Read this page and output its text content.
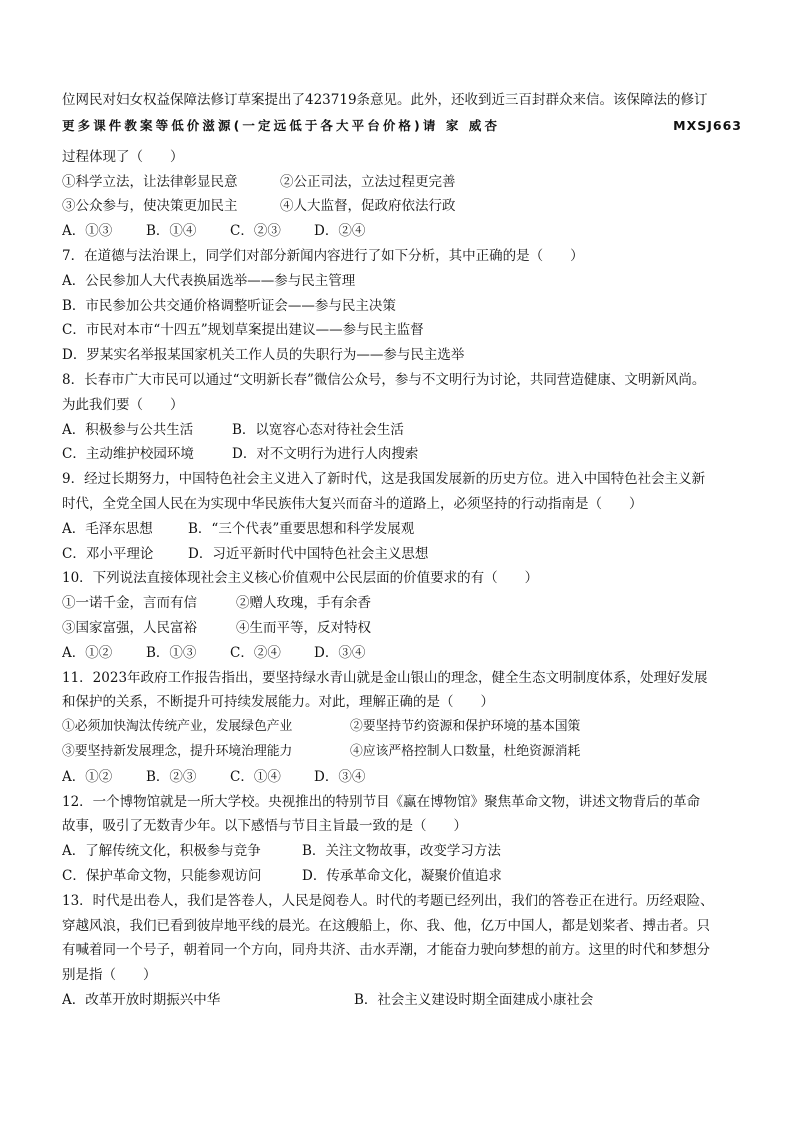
位网民对妇女权益保障法修订草案提出了423719条意见。此外，还收到近三百封群众来信。该保障法的修订
更多课件教案等低价滋源(一定远低于各大平台价格)请 家 威杏	MXSJ663
过程体现了（　　）
①科学立法，让法律彰显民意	②公正司法，立法过程更完善
③公众参与，使决策更加民主	④人大监督，促政府依法行政
A．①③	B．①④	C．②③	D．②④
7．在道德与法治课上，同学们对部分新闻内容进行了如下分析，其中正确的是（　　）
A．公民参加人大代表换届选举——参与民主管理
B．市民参加公共交通价格调整听证会——参与民主决策
C．市民对本市“十四五”规划草案提出建议——参与民主监督
D．罗某实名举报某国家机关工作人员的失职行为——参与民主选举
8．长春市广大市民可以通过“文明新长春”微信公众号，参与不文明行为讨论，共同营造健康、文明新风尚。
为此我们要（　　）
A．积极参与公共生活	B．以宽容心态对待社会生活
C．主动维护校园环境	D．对不文明行为进行人肉搜索
9．经过长期努力，中国特色社会主义进入了新时代，这是我国发展新的历史方位。进入中国特色社会主义新
时代，全党全国人民在为实现中华民族伟大复兴而奋斗的道路上，必须坚持的行动指南是（　　）
A．毛泽东思想	B．“三个代表”重要思想和科学发展观
C．邓小平理论	D．习近平新时代中国特色社会主义思想
10．下列说法直接体现社会主义核心价值观中公民层面的价值要求的有（　　）
①一诺千金，言而有信	②赠人玫瑰，手有余香
③国家富强，人民富裕	④生而平等，反对特权
A．①②	B．①③	C．②④	D．③④
11．2023年政府工作报告指出，要坚持绿水青山就是金山银山的理念，健全生态文明制度体系，处理好发展
和保护的关系，不断提升可持续发展能力。对此，理解正确的是（　　）
①必须加快淘汰传统产业，发展绿色产业	②要坚持节约资源和保护环境的基本国策
③要坚持新发展理念，提升环境治理能力	④应该严格控制人口数量，杜绝资源消耗
A．①②	B．②③	C．①④	D．③④
12．一个博物馆就是一所大学校。央视推出的特别节目《赢在博物馆》聚焦革命文物，讲述文物背后的革命
故事，吸引了无数青少年。以下感悟与节目主旨最一致的是（　　）
A．了解传统文化，积极参与竞争	B．关注文物故事，改变学习方法
C．保护革命文物，只能参观访问	D．传承革命文化，凝聚价值追求
13．时代是出卷人，我们是答卷人，人民是阅卷人。时代的考题已经列出，我们的答卷正在进行。历经艰险、
穿越风浪，我们已看到彼岸地平线的晨光。在这艘船上，你、我、他，亿万中国人，都是划桨者、搏击者。只
有喊着同一个号子，朝着同一个方向，同舟共济、击水弄潮，才能奋力驶向梦想的前方。这里的时代和梦想分
别是指（　　）
A．改革开放时期振兴中华	B．社会主义建设时期全面建成小康社会
